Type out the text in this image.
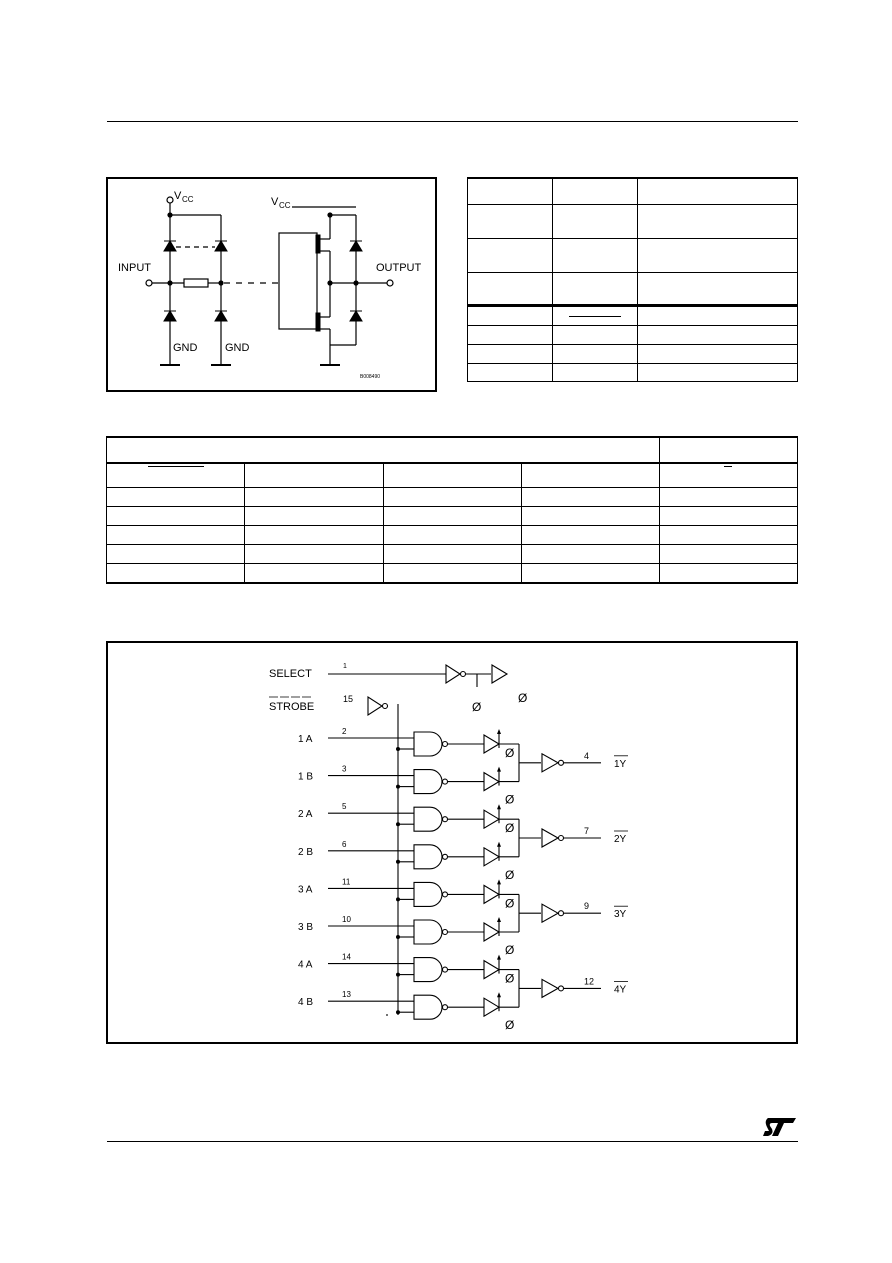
V CC	V CC
INPUT	OUTPUT
GND	GND
B008490

SELECT
1
STROBE
15
Ø
Ø
1 A
2
Ø
1 B
3
Ø
2 A
5
Ø
2 B
6
Ø
3 A
11
Ø
3 B
10
Ø
4 A
14
Ø
4 B
13
Ø
4
1Y
7
2Y
9
3Y
12
4Y
